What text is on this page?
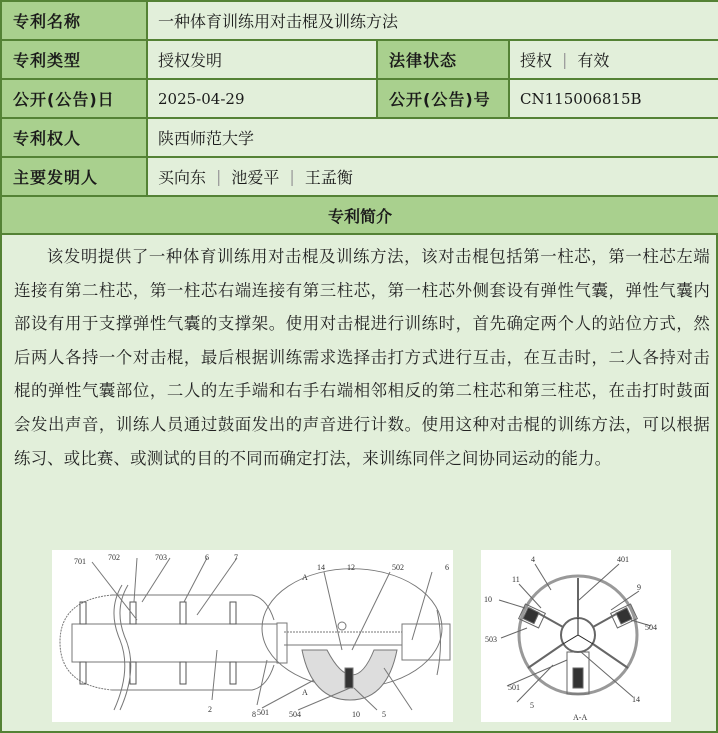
专利名称	一种体育训练用对击棍及训练方法
专利类型	授权发明	法律状态	授权 | 有效
公开(公告)日	2025-04-29	公开(公告)号	CN115006815B
专利权人	陕西师范大学
主要发明人	买向东 | 池爱平 | 王孟衡
专利简介

该发明提供了一种体育训练用对击棍及训练方法，该对击棍包括第一柱芯，第一柱芯左端连接有第二柱芯，第一柱芯右端连接有第三柱芯，第一柱芯外侧套设有弹性气囊，弹性气囊内部设有用于支撑弹性气囊的支撑架。使用对击棍进行训练时，首先确定两个人的站位方式，然后两人各持一个对击棍，最后根据训练需求选择击打方式进行互击，在互击时，二人各持对击棍的弹性气囊部位，二人的左手端和右手右端相邻相反的第二柱芯和第三柱芯，在击打时鼓面会发出声音，训练人员通过鼓面发出的声音进行计数。使用这种对击棍的训练方法，可以根据练习、或比赛、或测试的目的不同而确定打法，来训练同伴之间协同运动的能力。

701	702	703	6	7
14	12	502	6
A
A
2
8 501	504	10	5
4	401
11
9
10
504
503
501
14
5
A-A
